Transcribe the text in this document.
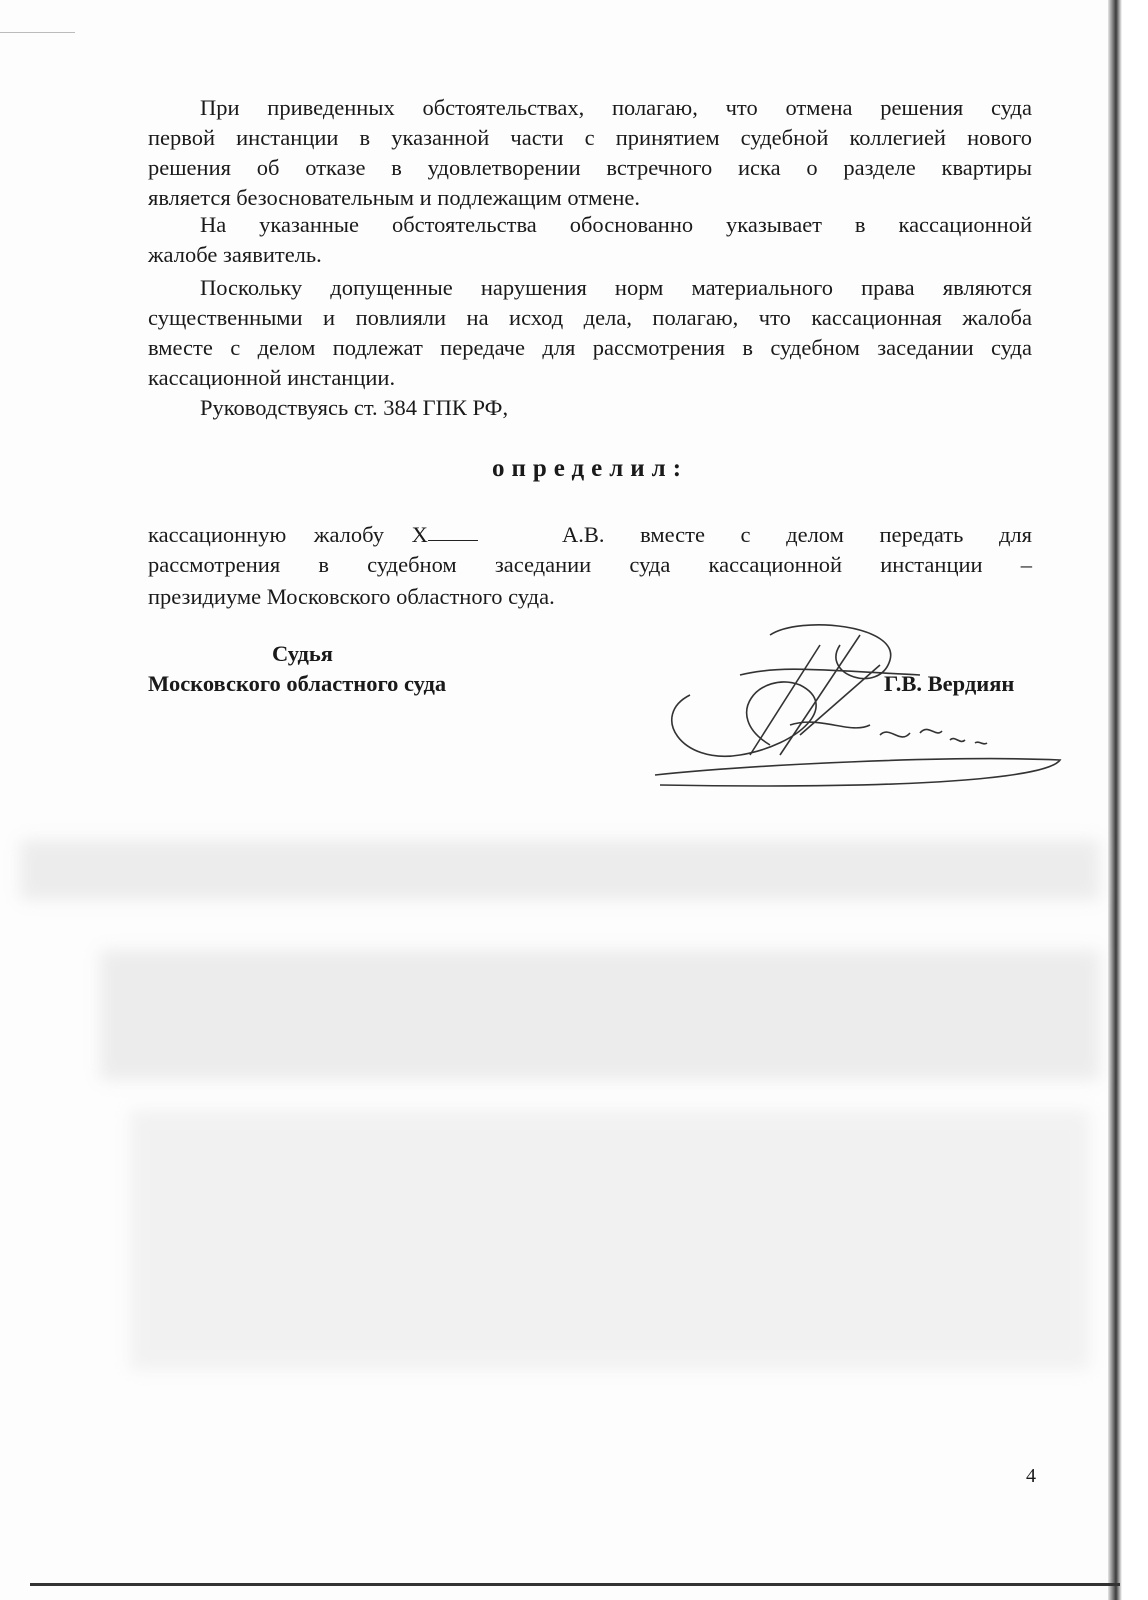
При приведенных обстоятельствах, полагаю, что отмена решения суда
первой инстанции в указанной части с принятием судебной коллегией нового
решения об отказе в удовлетворении встречного иска о разделе квартиры
является безосновательным и подлежащим отмене.
На указанные обстоятельства обоснованно указывает в кассационной
жалобе заявитель.
Поскольку допущенные нарушения норм материального права являются
существенными и повлияли на исход дела, полагаю, что кассационная жалоба
вместе с делом подлежат передаче для рассмотрения в судебном заседании суда
кассационной инстанции.
Руководствуясь ст. 384 ГПК РФ,
определил:
кассационную жалобу Х	А.В. вместе с делом передать для
рассмотрения в судебном заседании суда кассационной инстанции –
президиуме Московского областного суда.
Судья
Московского областного суда	Г.В. Вердиян
4
